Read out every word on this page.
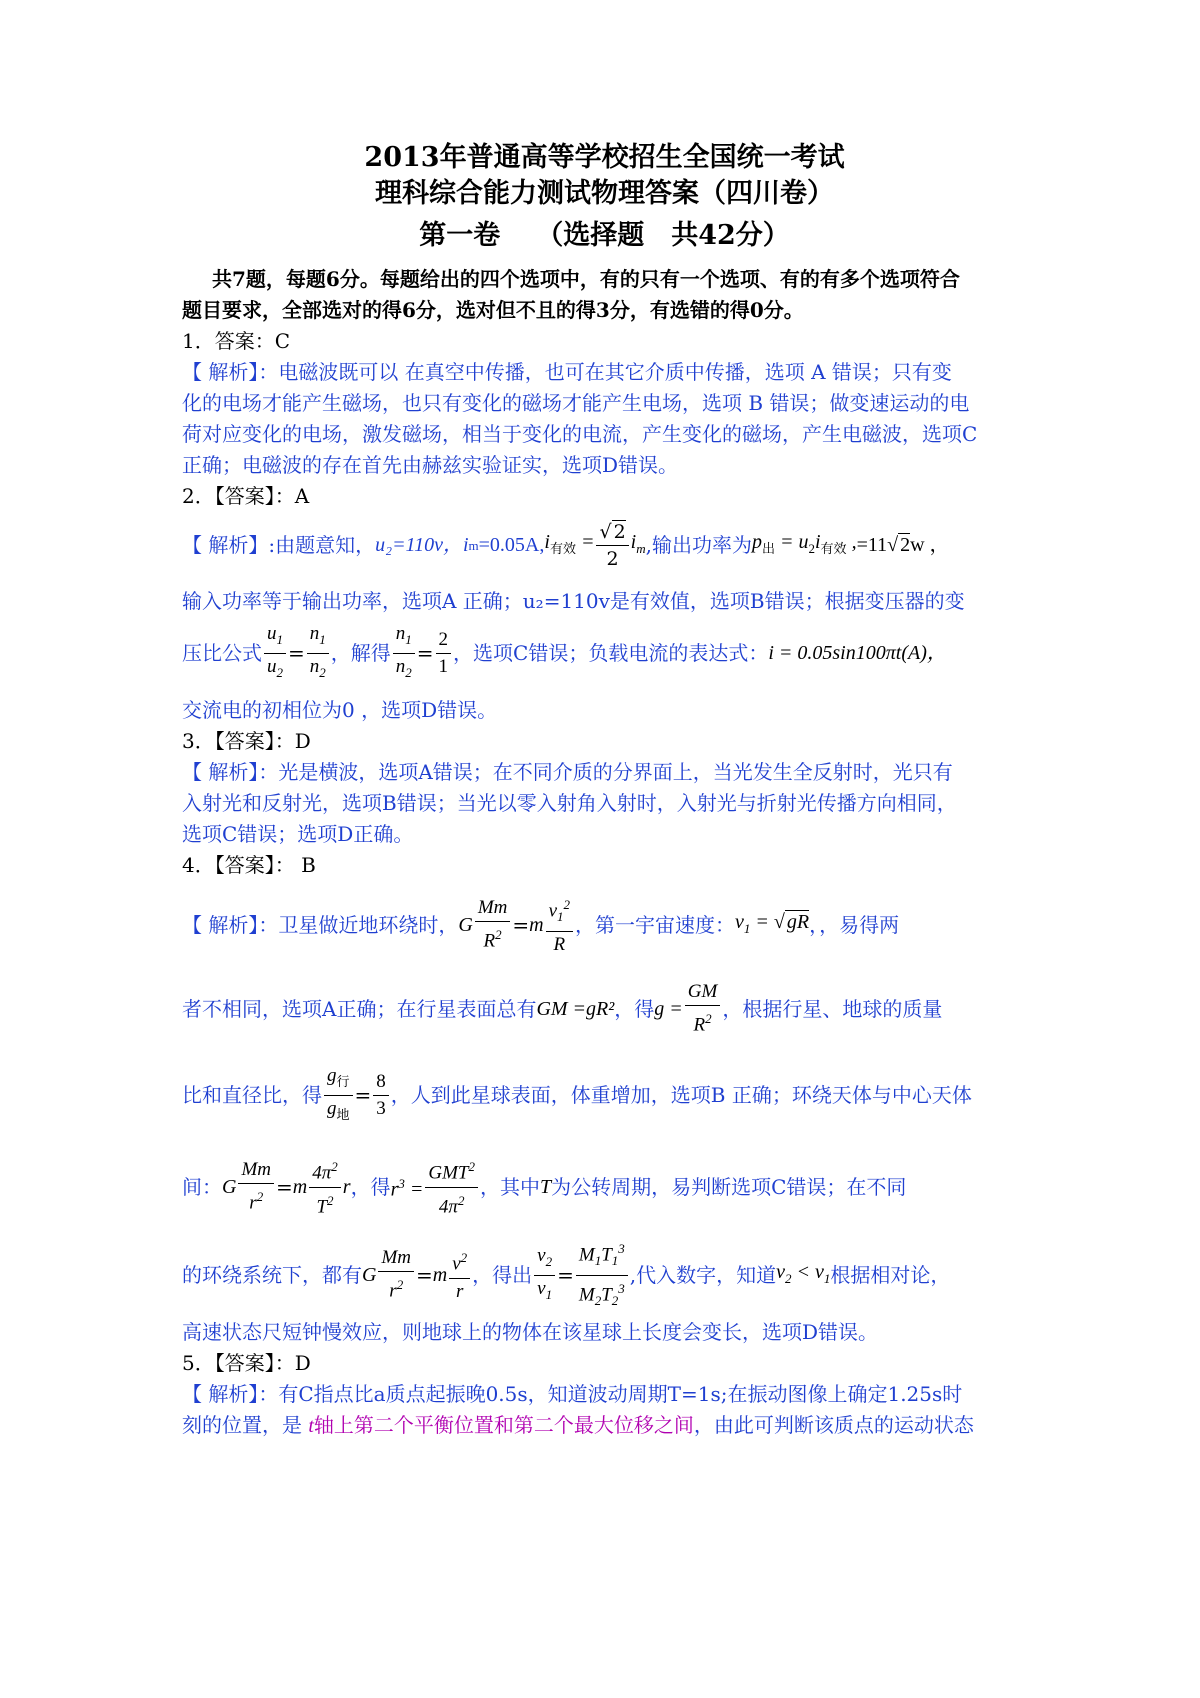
2013年普通高等学校招生全国统一考试
理科综合能力测试物理答案（四川卷）
第一卷 （选择题　共42分）
共7题，每题6分。每题给出的四个选项中，有的只有一个选项、有的有多个选项符合
题目要求，全部选对的得6分，选对但不且的得3分，有选错的得0分。
1．答案：C
【 解析】：电磁波既可以 在真空中传播，也可在其它介质中传播，选项 A 错误；只有变
化的电场才能产生磁场，也只有变化的磁场才能产生电场，选项 B 错误；做变速运动的电
荷对应变化的电场，激发磁场，相当于变化的电流，产生变化的磁场，产生电磁波，选项C
正确；电磁波的存在首先由赫兹实验证实，选项D错误。
2．【答案】：A
【 解析】 :由题意知， u₂=110v，i m =0.05A, $i_{有效} = \frac{√ 2}{2} i_m$ ,输出功率为 $p_出 = u_2i_{有效}$ , =11 √ 2 w ，
输入功率等于输出功率，选项A 正确；u₂=110v是有效值，选项B错误；根据变压器的变
压比公式 $\frac{u_1}{u_2} = \frac{n_1}{n_2}$ ，解得 $\frac{n_1}{n_2} = \frac{2}{1}$ ，选项C错误；负载电流的表达式： i = 0.05sin100πt(A)，
交流电的初相位为0 ，选项D错误。
3．【答案】：D
【 解析】：光是横波，选项A错误；在不同介质的分界面上，当光发生全反射时，光只有
入射光和反射光，选项B错误；当光以零入射角入射时，入射光与折射光传播方向相同，
选项C错误；选项D正确。
4．【答案】： B
【 解析】： 卫星做近地环绕时， G $\frac{Mm}{R^2} = m \frac{v_1^2}{R}$ ，第一宇宙速度： $v_1$ = √ gR ，，易得两
者不相同，选项A正确；在行星表面总有 GM =gR² ，得 $g = \frac{GM}{R^2}$ ，根据行星、地球的质量
比和直径比，得 $\frac{g_行}{g_地} = \frac{8}{3}$ ，人到此星球表面，体重增加，选项B 正确；环绕天体与中心天体
间： G $\frac{Mm}{r^2} = m \frac{4\pi^2}{T^2}$ r ，得 $r^3 = \frac{GMT^2}{4\pi^2}$ ，其中 T 为公转周期，易判断选项C错误；在不同
的环绕系统下，都有 G $\frac{Mm}{r^2} = m \frac{v^2}{r}$ ，得出 $\frac{v_2}{v_1} = \frac{M_1T_1^3}{M_2T_2^3}$ ,代入数字，知道 $v_2 < v_1$ 根据相对论，
高速状态尺短钟慢效应，则地球上的物体在该星球上长度会变长，选项D错误。
5．【答案】：D
【 解析】：有C指点比a质点起振晚0.5s，知道波动周期T=1s;在振动图像上确定1.25s时
刻的位置，是 t轴上第二个平衡位置和第二个最大位移之间，由此可判断该质点的运动状态
